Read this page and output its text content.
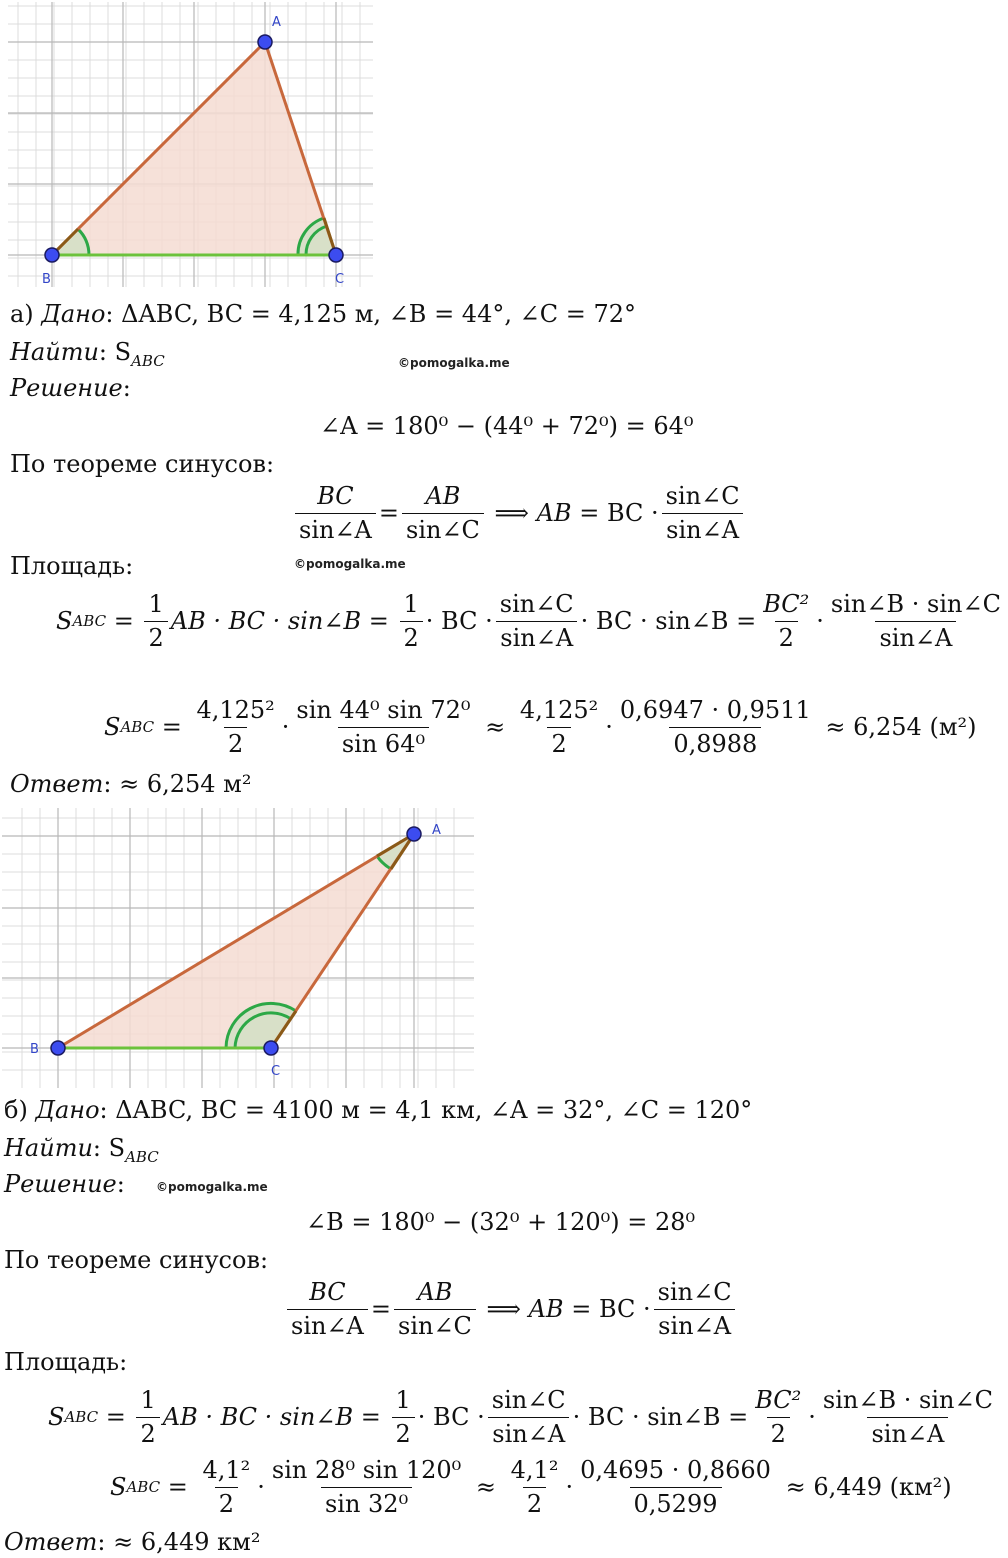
A
B	C
а) Дано: ΔABC, BC = 4,125 м, ∠B = 44°, ∠C = 72°
Найти: $S_{ABC}$	©pomogalka.me
Решение:
∠A = 180⁰ − (44⁰ + 72⁰) = 64⁰
По теореме синусов:
$\frac{BC}{\sin\angle A} = \frac{AB}{\sin\angle C}$ ⟹ AB
= BC · $\frac{\sin\angle C}{\sin\angle A}$
©pomogalka.me
Площадь:
S ABC = $\frac{1}{2}$ AB · BC · sin∠B = $\frac{1}{2}$ · BC · $\frac{\sin\angle C}{\sin\angle A}$ · BC · sin∠B = $\frac{\text{BC²}}{2} \cdot \frac{\sin\angle B \cdot \sin\angle C}{\sin\angle A}$
S ABC = $\frac{\text{4,125²}}{2} \cdot \frac{\text{sin 44⁰ sin 72⁰}}{\text{sin 64⁰}}$
≈
$\frac{\text{4,125²}}{2} \cdot \frac{0,6947 \cdot 0,9511}{0,8988}$
≈ 6,254 (м²)
Ответ: ≈ 6,254 м²
A
B
C
б) Дано: ΔABC, BC = 4100 м = 4,1 км, ∠A = 32°, ∠C = 120°
Найти: $S_{ABC}$
Решение:	©pomogalka.me
∠B = 180⁰ − (32⁰ + 120⁰) = 28⁰
По теореме синусов:
$\frac{BC}{\sin\angle A} = \frac{AB}{\sin\angle C}$ ⟹ AB
= BC · $\frac{\sin\angle C}{\sin\angle A}$
Площадь:
S ABC = $\frac{1}{2}$ AB · BC · sin∠B = $\frac{1}{2}$ · BC · $\frac{\sin\angle C}{\sin\angle A}$ · BC · sin∠B = $\frac{\text{BC²}}{2} \cdot \frac{\sin\angle B \cdot \sin\angle C}{\sin\angle A}$
S ABC = $\frac{\text{4,1²}}{2} \cdot \frac{\text{sin 28⁰ sin 120⁰}}{\text{sin 32⁰}}$
≈
$\frac{\text{4,1²}}{2} \cdot \frac{0,4695 \cdot 0,8660}{0,5299}$
≈ 6,449 (км²)
Ответ: ≈ 6,449 км²
